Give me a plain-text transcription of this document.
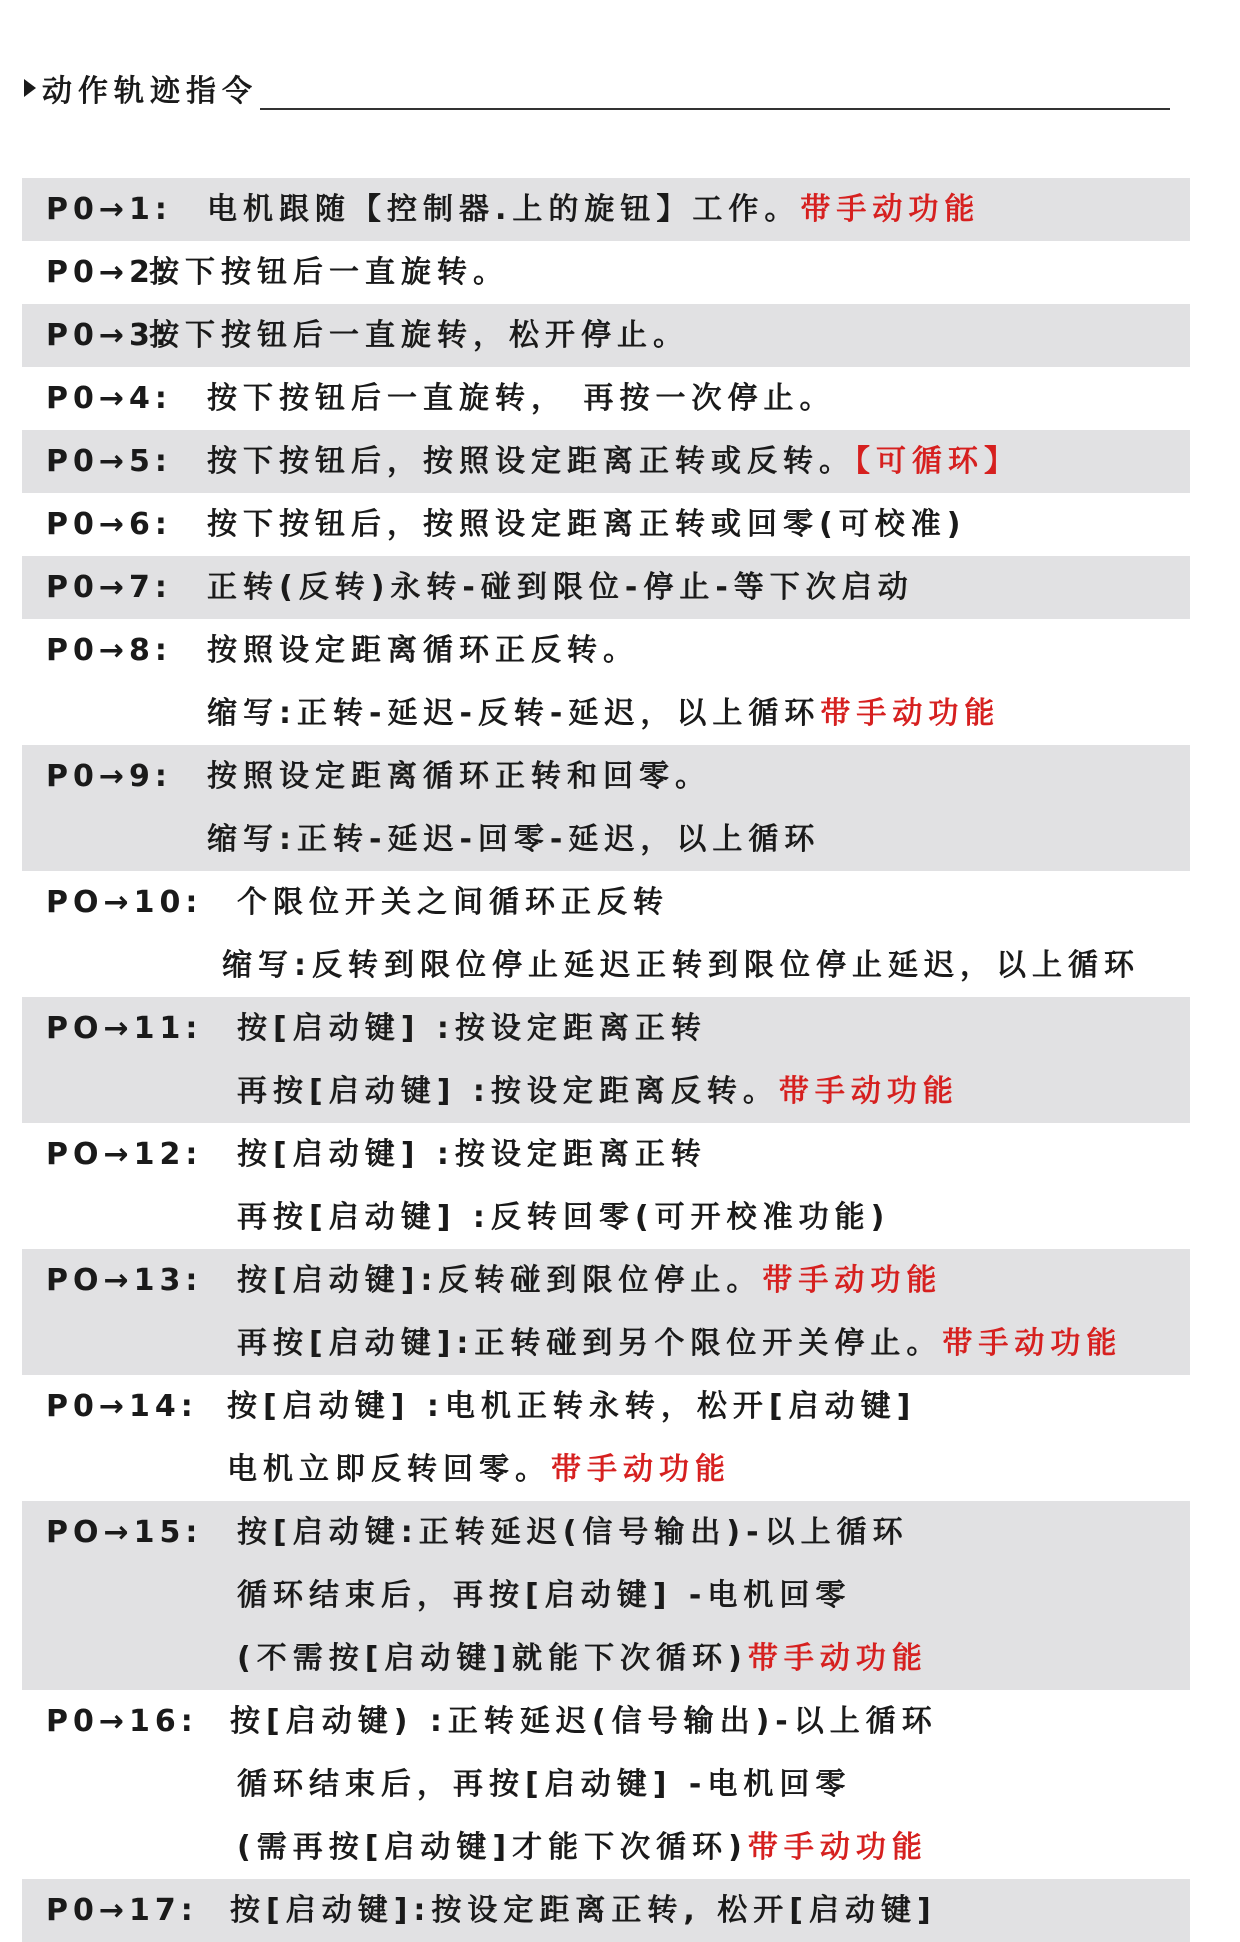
动作轨迹指令
P0→1: 电机跟随【控制器.上的旋钮】工作。带手动功能
P0→2:
按下按钮后一直旋转。
P0→3:
按下按钮后一直旋转，松开停止。
P0→4: 按下按钮后一直旋转， 再按一次停止。
P0→5: 按下按钮后，按照设定距离正转或反转。【可循环】
P0→6: 按下按钮后，按照设定距离正转或回零(可校准)
P0→7: 正转(反转)永转-碰到限位-停止-等下次启动
P0→8: 按照设定距离循环正反转。
缩写:正转-延迟-反转-延迟，以上循环带手动功能
P0→9: 按照设定距离循环正转和回零。
缩写:正转-延迟-回零-延迟，以上循环
PO→10: 个限位开关之间循环正反转
缩写:反转到限位停止延迟正转到限位停止延迟，以上循环
PO→11: 按[启动键] :按设定距离正转
再按[启动键] :按设定距离反转。带手动功能
PO→12: 按[启动键] :按设定距离正转
再按[启动键] :反转回零(可开校准功能)
PO→13: 按[启动键]:反转碰到限位停止。带手动功能
再按[启动键]:正转碰到另个限位开关停止。带手动功能
P0→14: 按[启动键] :电机正转永转，松开[启动键]
电机立即反转回零。带手动功能
PO→15: 按[启动键:正转延迟(信号输出)-以上循环
循环结束后，再按[启动键] -电机回零
(不需按[启动键]就能下次循环)带手动功能
P0→16: 按[启动键) :正转延迟(信号输出)-以上循环
循环结束后，再按[启动键] -电机回零
(需再按[启动键]才能下次循环)带手动功能
P0→17: 按[启动键]:按设定距离正转, 松开[启动键]
